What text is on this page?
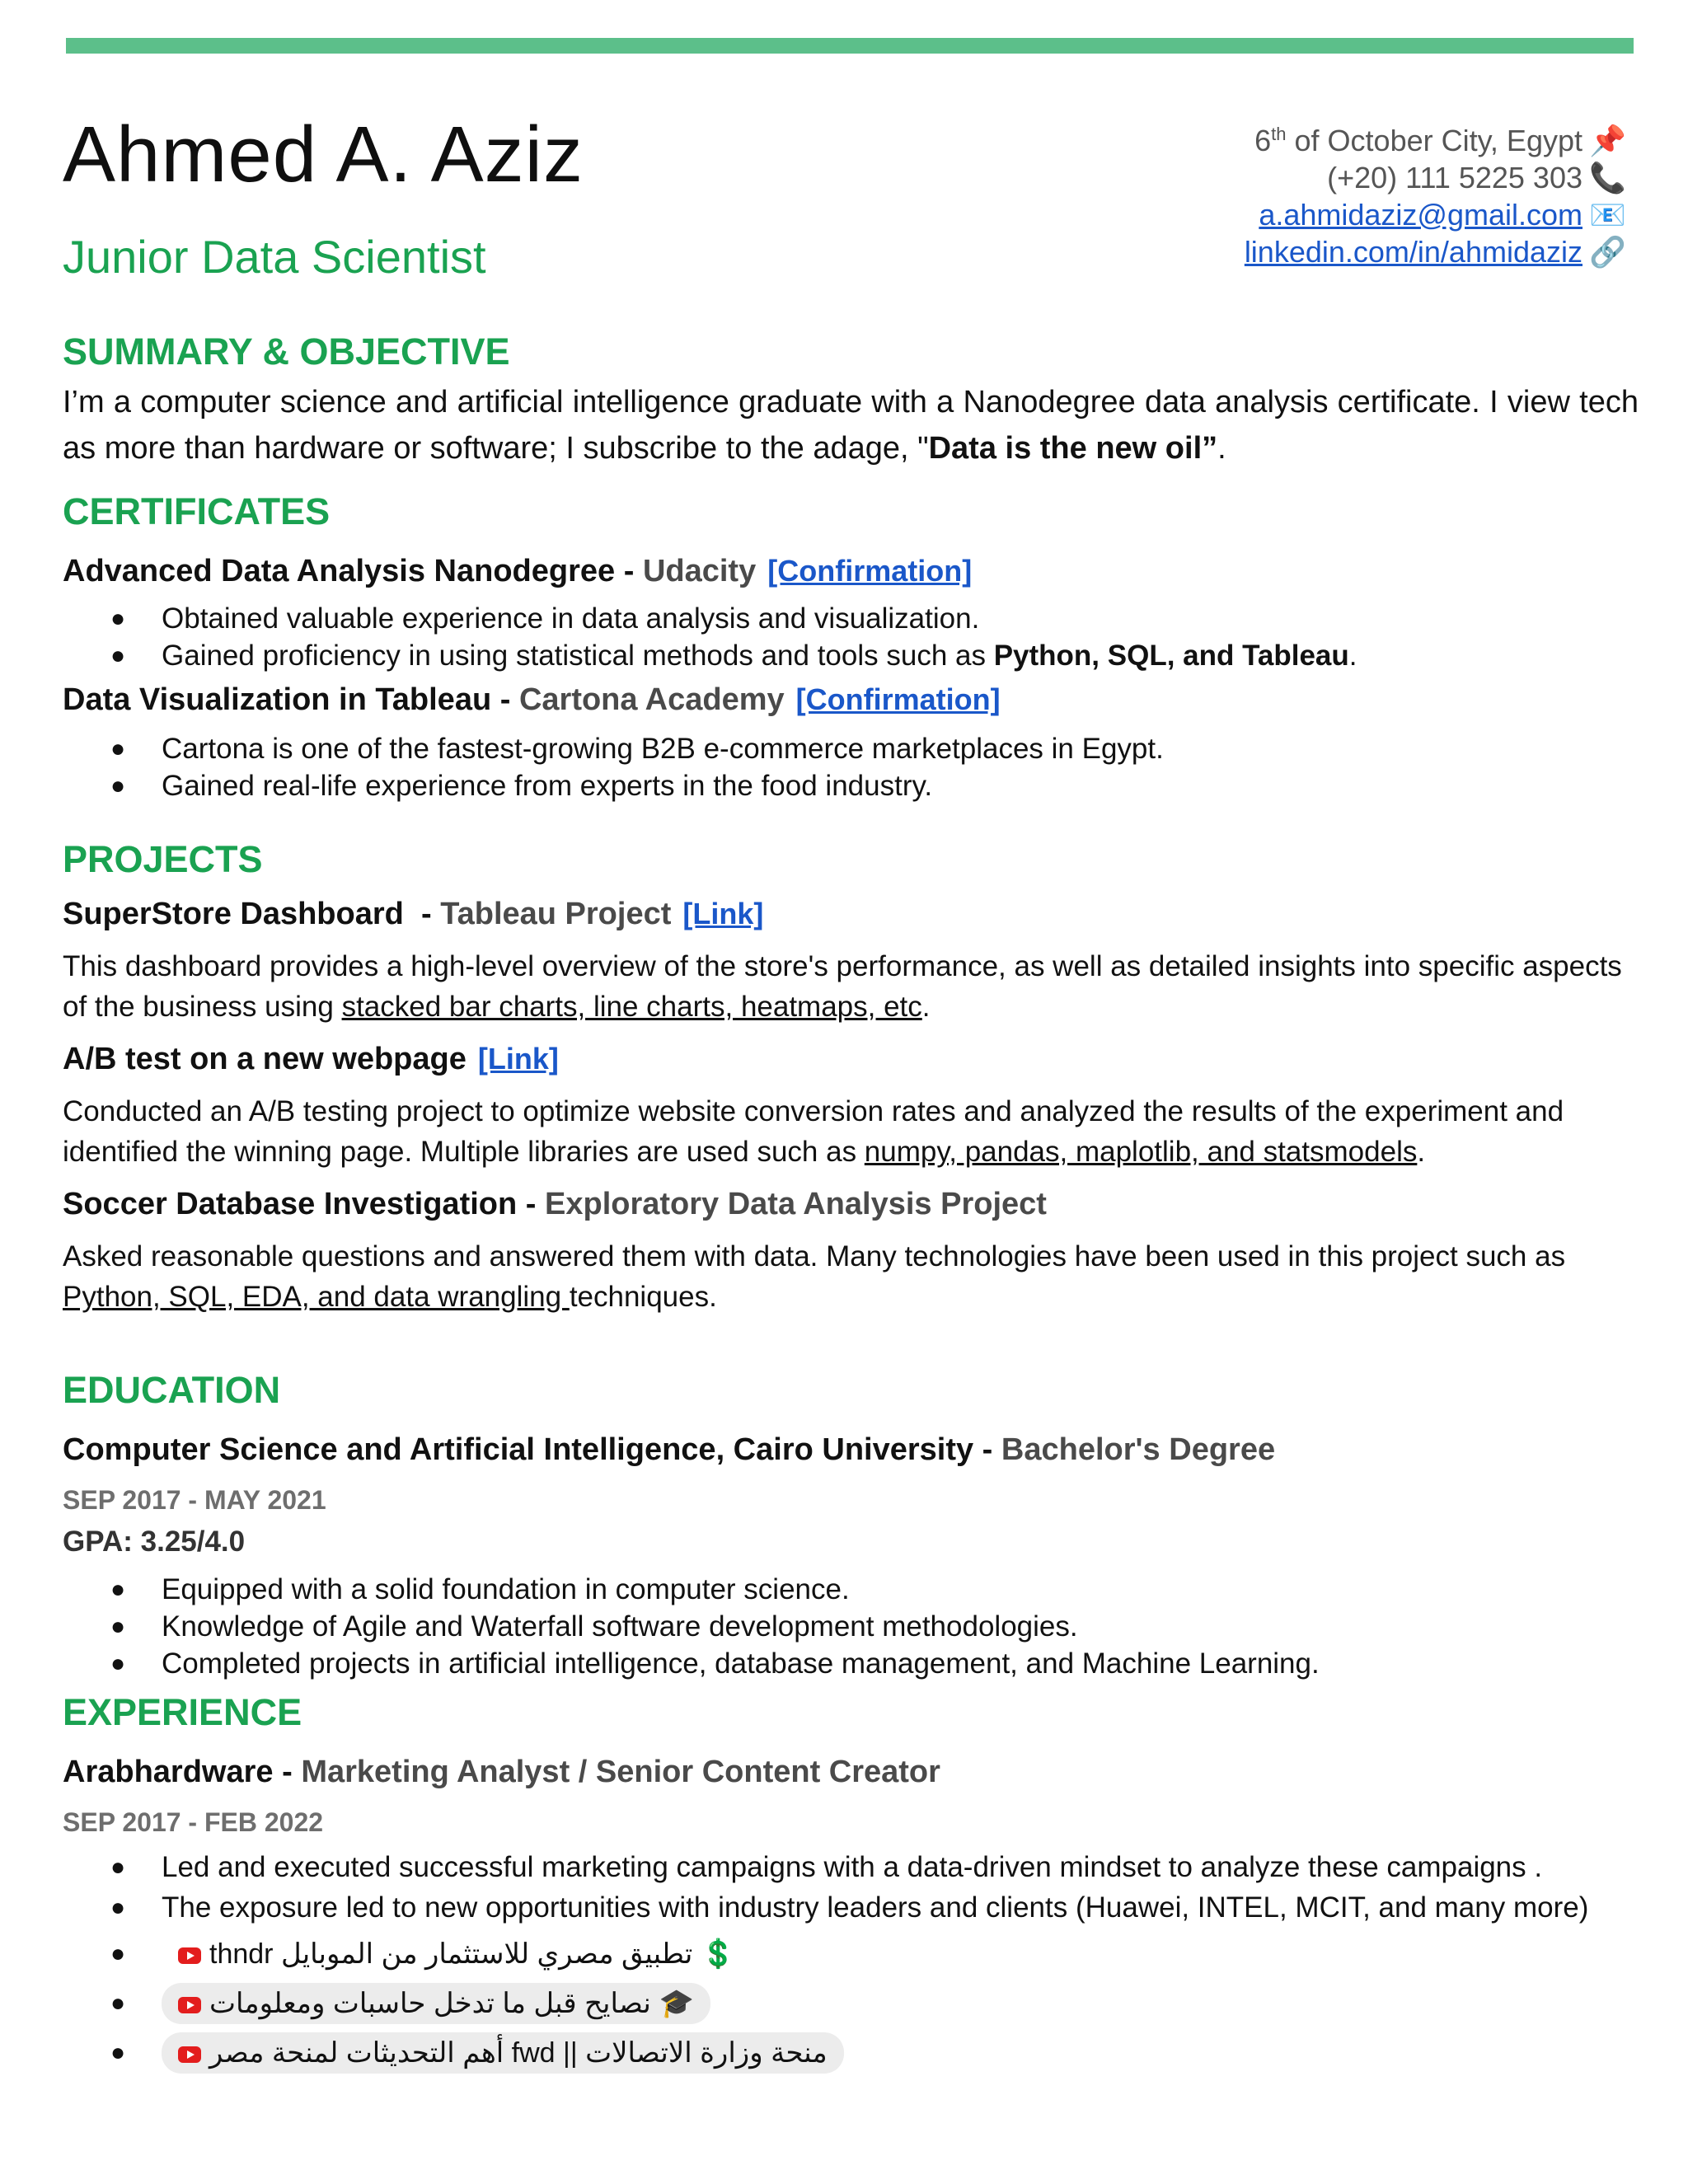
Ahmed A. Aziz
Junior Data Scientist
6th of October City, Egypt 📌
(+20) 111 5225 303 📞
a.ahmidaziz@gmail.com 📧
linkedin.com/in/ahmidaziz 🔗
SUMMARY & OBJECTIVE

I’m a computer science and artificial intelligence graduate with a Nanodegree data analysis certificate. I view tech as more than hardware or software; I subscribe to the adage, "Data is the new oil”.

CERTIFICATES

Advanced Data Analysis Nanodegree - Udacity [Confirmation]

● Obtained valuable experience in data analysis and visualization.
● Gained proficiency in using statistical methods and tools such as Python, SQL, and Tableau.

Data Visualization in Tableau - Cartona Academy [Confirmation]

● Cartona is one of the fastest-growing B2B e-commerce marketplaces in Egypt.
● Gained real-life experience from experts in the food industry.
PROJECTS

SuperStore Dashboard  - Tableau Project [Link]

This dashboard provides a high-level overview of the store's performance, as well as detailed insights into specific aspects of the business using stacked bar charts, line charts, heatmaps, etc.

A/B test on a new webpage [Link]

Conducted an A/B testing project to optimize website conversion rates and analyzed the results of the experiment and identified the winning page. Multiple libraries are used such as numpy, pandas, maplotlib, and statsmodels.

Soccer Database Investigation - Exploratory Data Analysis Project

Asked reasonable questions and answered them with data. Many technologies have been used in this project such as Python, SQL, EDA, and data wrangling techniques.

EDUCATION

Computer Science and Artificial Intelligence, Cairo University - Bachelor's Degree

SEP 2017 - MAY 2021

GPA: 3.25/4.0

● Equipped with a solid foundation in computer science.
● Knowledge of Agile and Waterfall software development methodologies.
● Completed projects in artificial intelligence, database management, and Machine Learning.
EXPERIENCE

Arabhardware - Marketing Analyst / Senior Content Creator

SEP 2017 - FEB 2022

● Led and executed successful marketing campaigns with a data-driven mindset to analyze these campaigns .
● The exposure led to new opportunities with industry leaders and clients (Huawei, INTEL, MCIT, and many more)
●	thndr تطبيق مصري للاستثمار من الموبايل 💲
●	نصايح قبل ما تدخل حاسبات ومعلومات 🎓
●	منحة وزارة الاتصالات || fwd أهم التحديثات لمنحة مصر
